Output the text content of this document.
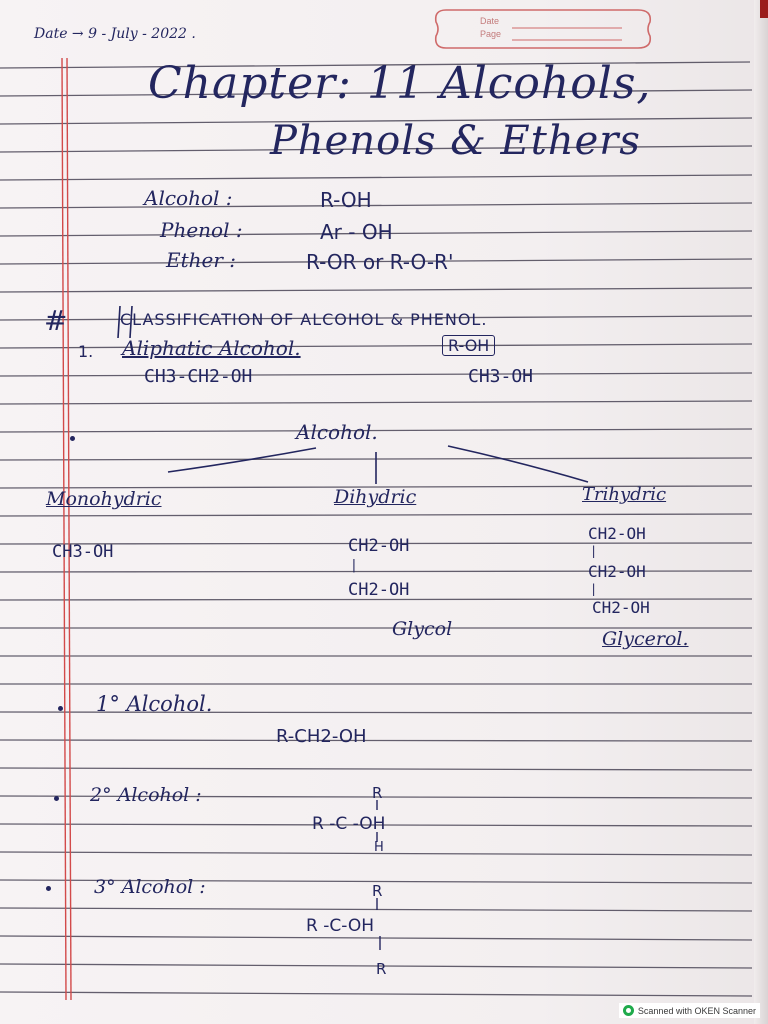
Date → 9 - July - 2022 .
Date
Page
Chapter: 11 Alcohols,
Phenols & Ethers
Alcohol :	R-OH
Phenol :	Ar - OH
Ether :	R-OR or R-O-R'
CLASSIFICATION OF ALCOHOL & PHENOL.
1. Aliphatic Alcohol.	R-OH
CH3-CH2-OH	CH3-OH
Alcohol.
Monohydric
CH3-OH
Dihydric
CH2-OH
|
CH2-OH
Glycol
Trihydric
CH2-OH
|
CH2-OH
|
CH2-OH
Glycerol.
1° Alcohol.
R-CH2-OH
2° Alcohol :	R
R -C -OH
H
3° Alcohol :	R
R -C-OH
R
#
Scanned with OKEN Scanner
